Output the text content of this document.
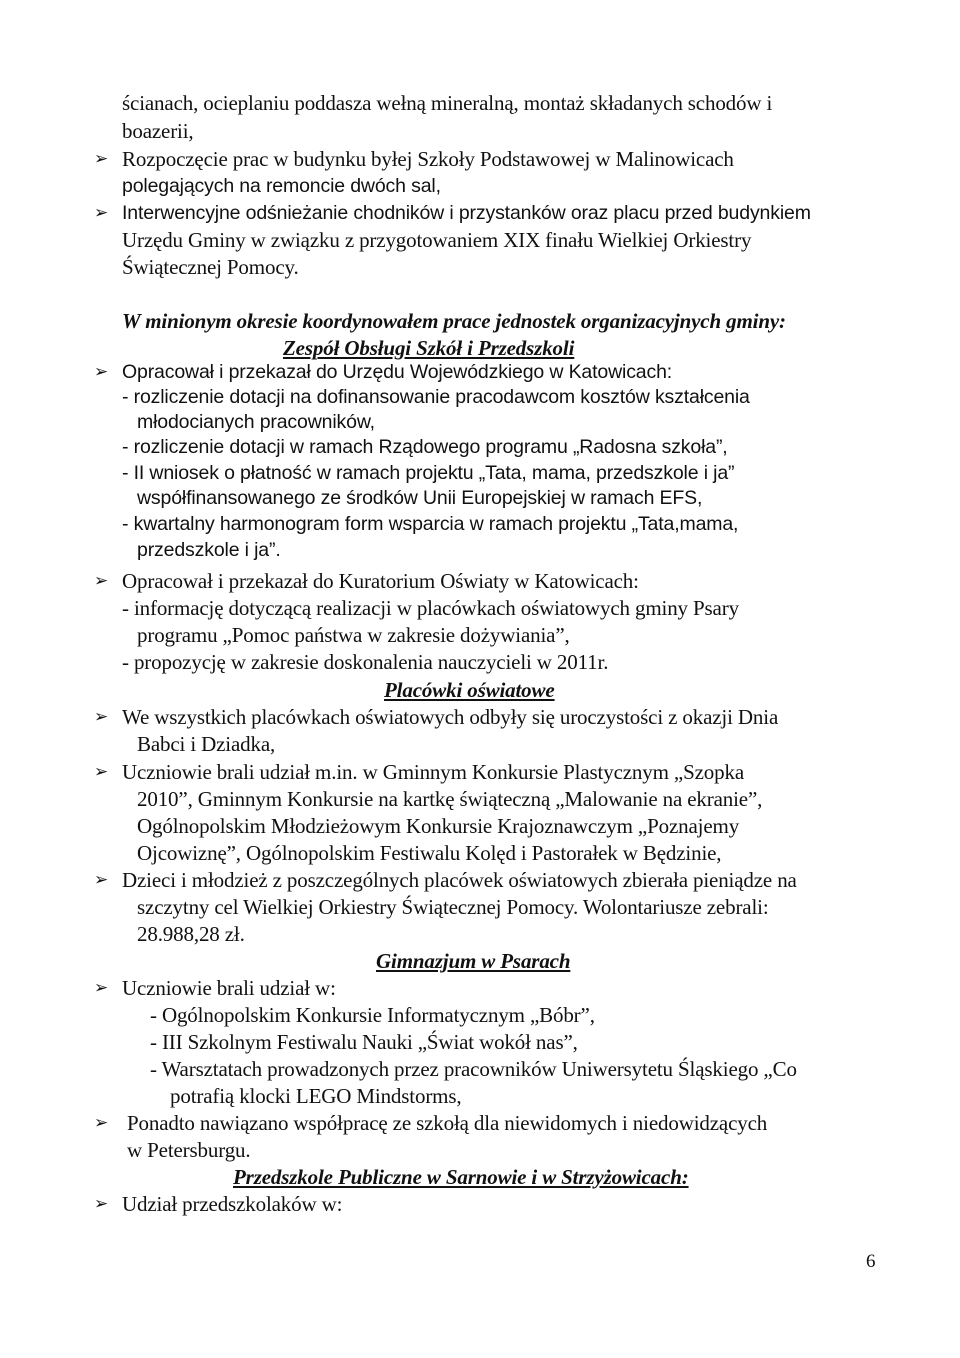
ścianach, ocieplaniu poddasza wełną mineralną, montaż składanych schodów i
boazerii,
➢ Rozpoczęcie prac w budynku byłej Szkoły Podstawowej w Malinowicach
polegających na remoncie dwóch sal,
➢ Interwencyjne odśnieżanie chodników i przystanków oraz placu przed budynkiem
Urzędu Gminy w związku z przygotowaniem XIX finału Wielkiej Orkiestry
Świątecznej Pomocy.
W minionym okresie koordynowałem prace jednostek organizacyjnych gminy:
Zespół Obsługi Szkół i Przedszkoli
➢ Opracował i przekazał do Urzędu Wojewódzkiego w Katowicach:
- rozliczenie dotacji na dofinansowanie pracodawcom kosztów kształcenia
młodocianych pracowników,
- rozliczenie dotacji w ramach Rządowego programu „Radosna szkoła”,
- II wniosek o płatność w ramach projektu „Tata, mama, przedszkole i ja”
współfinansowanego ze środków Unii Europejskiej w ramach EFS,
- kwartalny harmonogram form wsparcia w ramach projektu „Tata,mama,
przedszkole i ja”.
➢ Opracował i przekazał do Kuratorium Oświaty w Katowicach:
- informację dotyczącą realizacji w placówkach oświatowych gminy Psary
programu „Pomoc państwa w zakresie dożywiania”,
- propozycję w zakresie doskonalenia nauczycieli w 2011r.
Placówki oświatowe
➢ We wszystkich placówkach oświatowych odbyły się uroczystości z okazji Dnia
Babci i Dziadka,
➢ Uczniowie brali udział m.in. w Gminnym Konkursie Plastycznym „Szopka
2010”, Gminnym Konkursie na kartkę świąteczną „Malowanie na ekranie”,
Ogólnopolskim Młodzieżowym Konkursie Krajoznawczym „Poznajemy
Ojcowiznę”, Ogólnopolskim Festiwalu Kolęd i Pastorałek w Będzinie,
➢ Dzieci i młodzież z poszczególnych placówek oświatowych zbierała pieniądze na
szczytny cel Wielkiej Orkiestry Świątecznej Pomocy. Wolontariusze zebrali:
28.988,28 zł.
Gimnazjum w Psarach
➢ Uczniowie brali udział w:
- Ogólnopolskim Konkursie Informatycznym „Bóbr”,
- III Szkolnym Festiwalu Nauki „Świat wokół nas”,
- Warsztatach prowadzonych przez pracowników Uniwersytetu Śląskiego „Co
potrafią klocki LEGO Mindstorms,
➢ Ponadto nawiązano współpracę ze szkołą dla niewidomych i niedowidzących
w Petersburgu.
Przedszkole Publiczne w Sarnowie i w Strzyżowicach:
➢ Udział przedszkolaków w:
6
